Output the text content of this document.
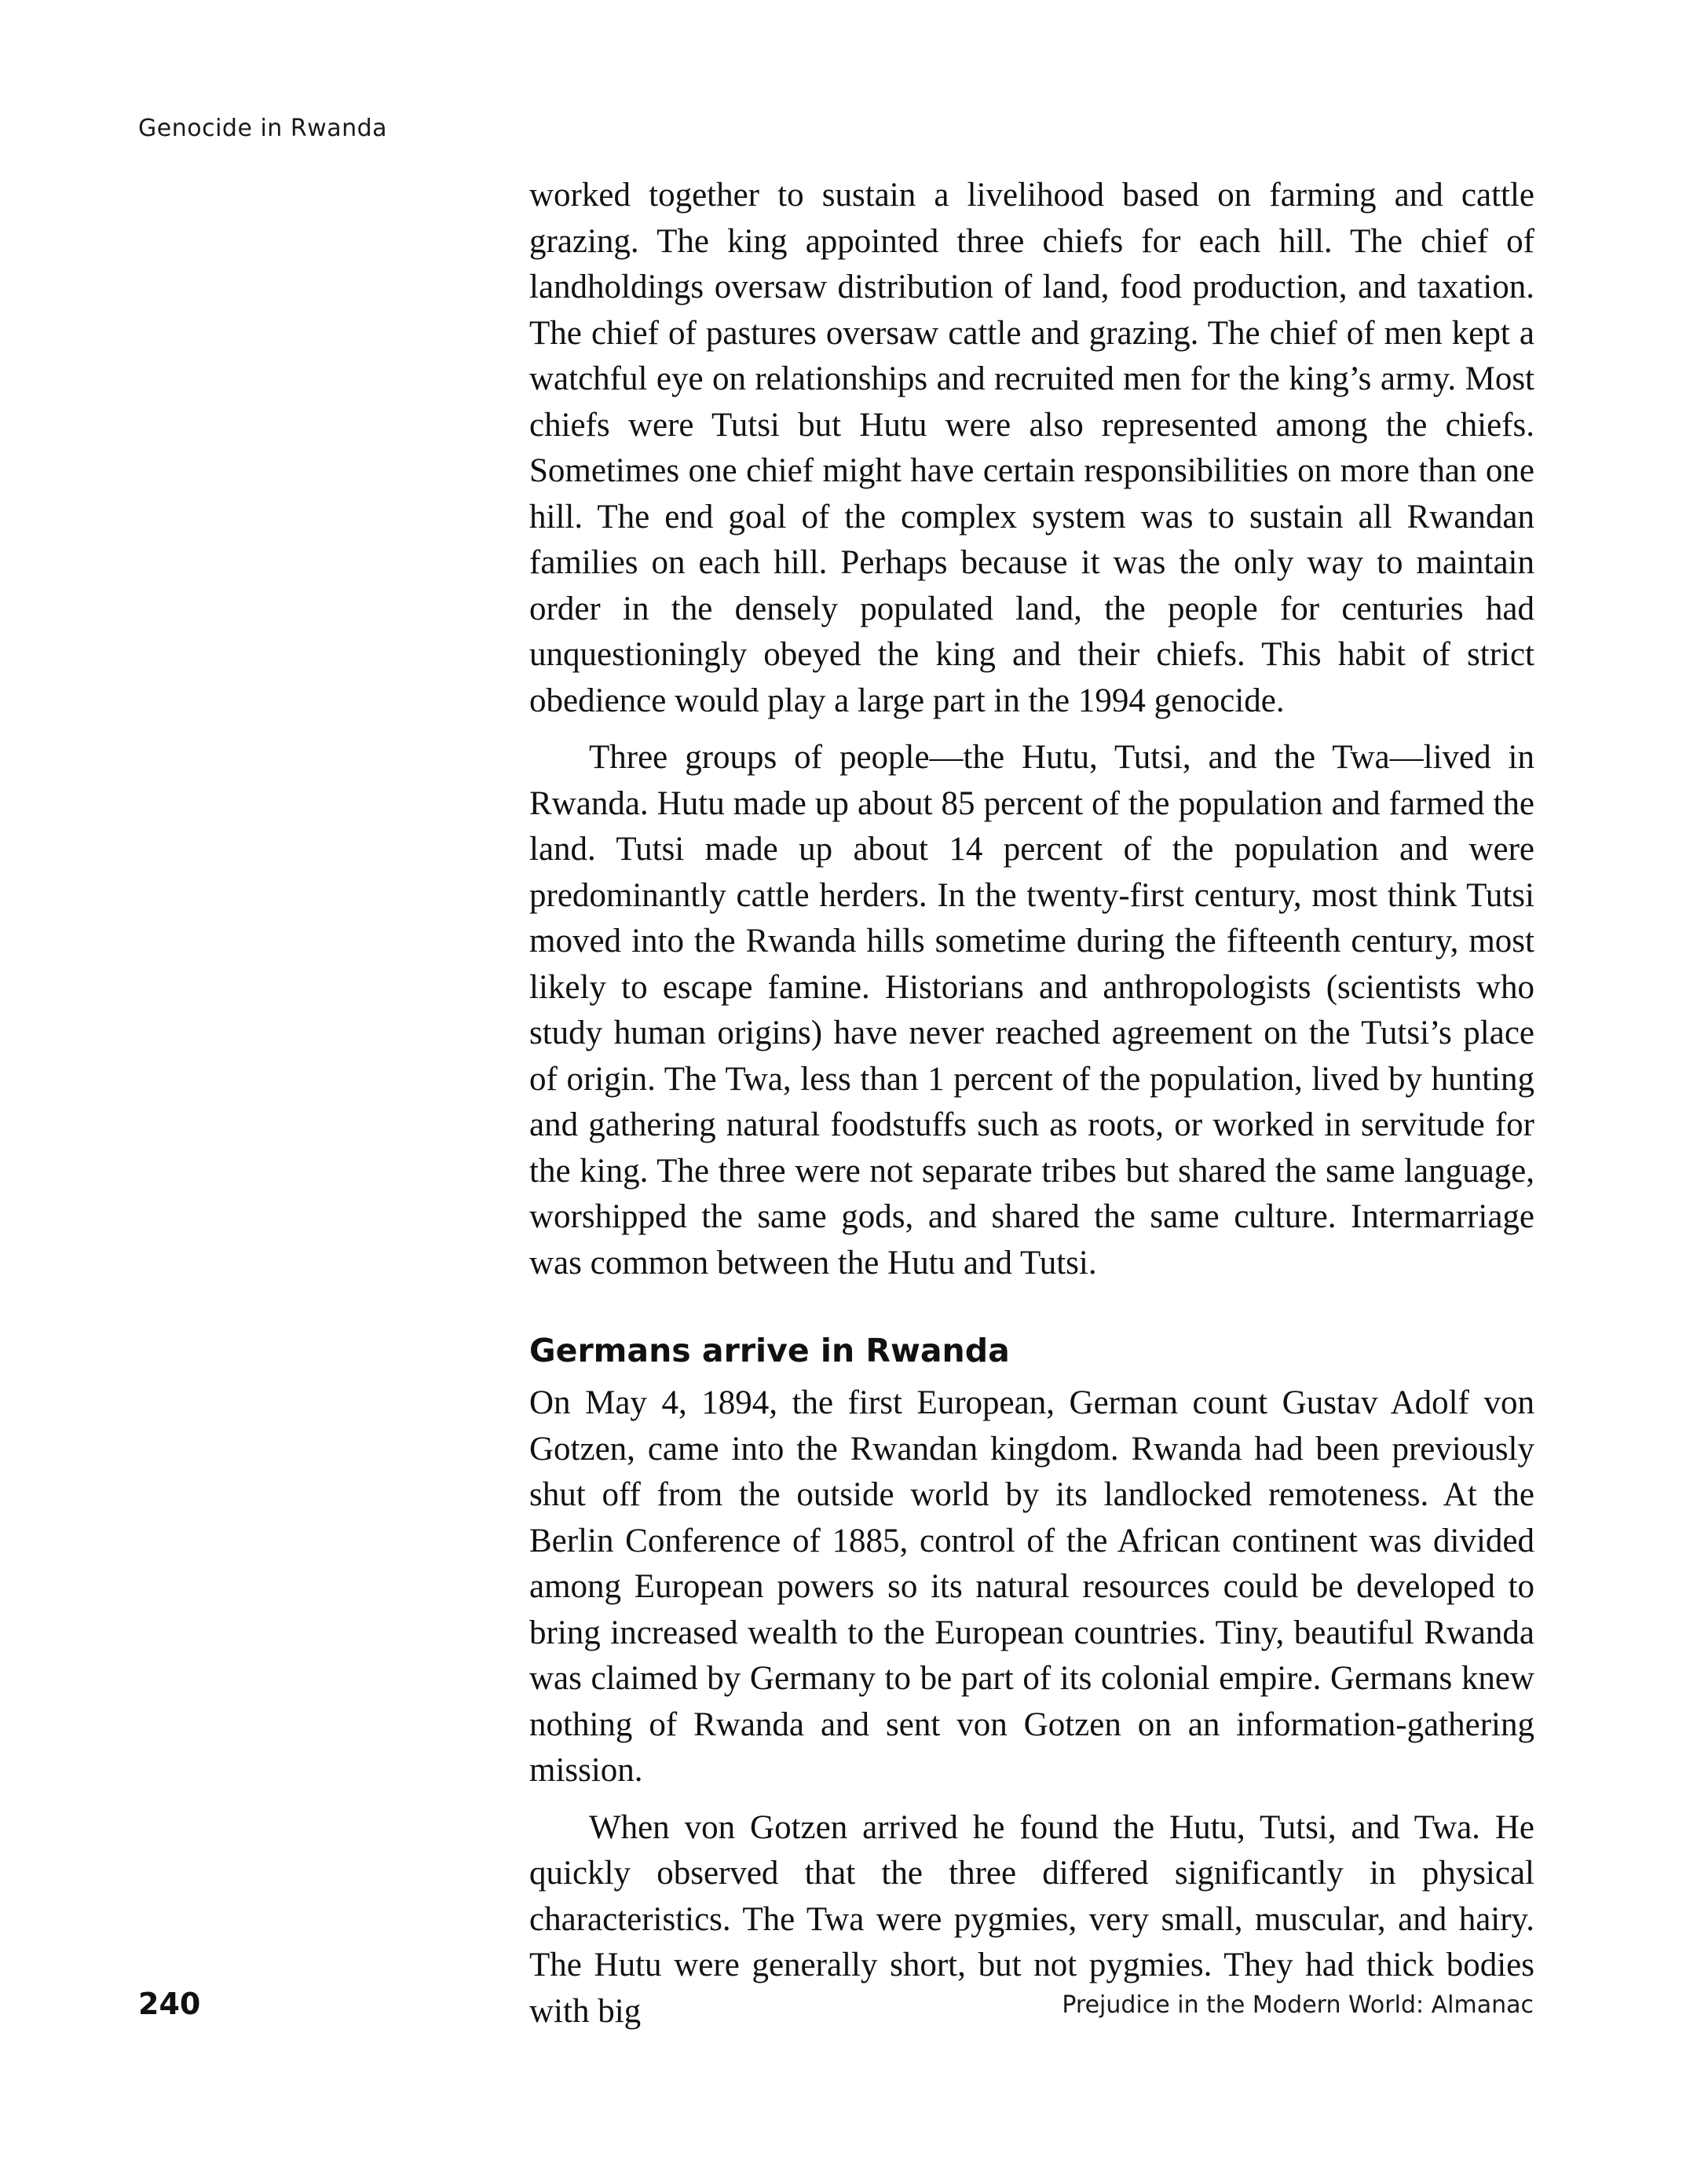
Genocide in Rwanda

worked together to sustain a livelihood based on farming and cattle grazing. The king appointed three chiefs for each hill. The chief of landholdings oversaw distribution of land, food production, and taxation. The chief of pastures oversaw cattle and grazing. The chief of men kept a watchful eye on relationships and recruited men for the king’s army. Most chiefs were Tutsi but Hutu were also represented among the chiefs. Sometimes one chief might have certain responsibilities on more than one hill. The end goal of the complex system was to sustain all Rwandan families on each hill. Perhaps because it was the only way to maintain order in the densely populated land, the people for centuries had unquestioningly obeyed the king and their chiefs. This habit of strict obedience would play a large part in the 1994 genocide.

Three groups of people—the Hutu, Tutsi, and the Twa—lived in Rwanda. Hutu made up about 85 percent of the population and farmed the land. Tutsi made up about 14 percent of the population and were predominantly cattle herders. In the twenty-first century, most think Tutsi moved into the Rwanda hills sometime during the fifteenth century, most likely to escape famine. Historians and anthropologists (scientists who study human origins) have never reached agreement on the Tutsi’s place of origin. The Twa, less than 1 percent of the population, lived by hunting and gathering natural foodstuffs such as roots, or worked in servitude for the king. The three were not separate tribes but shared the same language, worshipped the same gods, and shared the same culture. Intermarriage was common between the Hutu and Tutsi.

Germans arrive in Rwanda

On May 4, 1894, the first European, German count Gustav Adolf von Gotzen, came into the Rwandan kingdom. Rwanda had been previously shut off from the outside world by its landlocked remoteness. At the Berlin Conference of 1885, control of the African continent was divided among European powers so its natural resources could be developed to bring increased wealth to the European countries. Tiny, beautiful Rwanda was claimed by Germany to be part of its colonial empire. Germans knew nothing of Rwanda and sent von Gotzen on an information-gathering mission.

When von Gotzen arrived he found the Hutu, Tutsi, and Twa. He quickly observed that the three differed significantly in physical characteristics. The Twa were pygmies, very small, muscular, and hairy. The Hutu were generally short, but not pygmies. They had thick bodies with big

240	Prejudice in the Modern World: Almanac
